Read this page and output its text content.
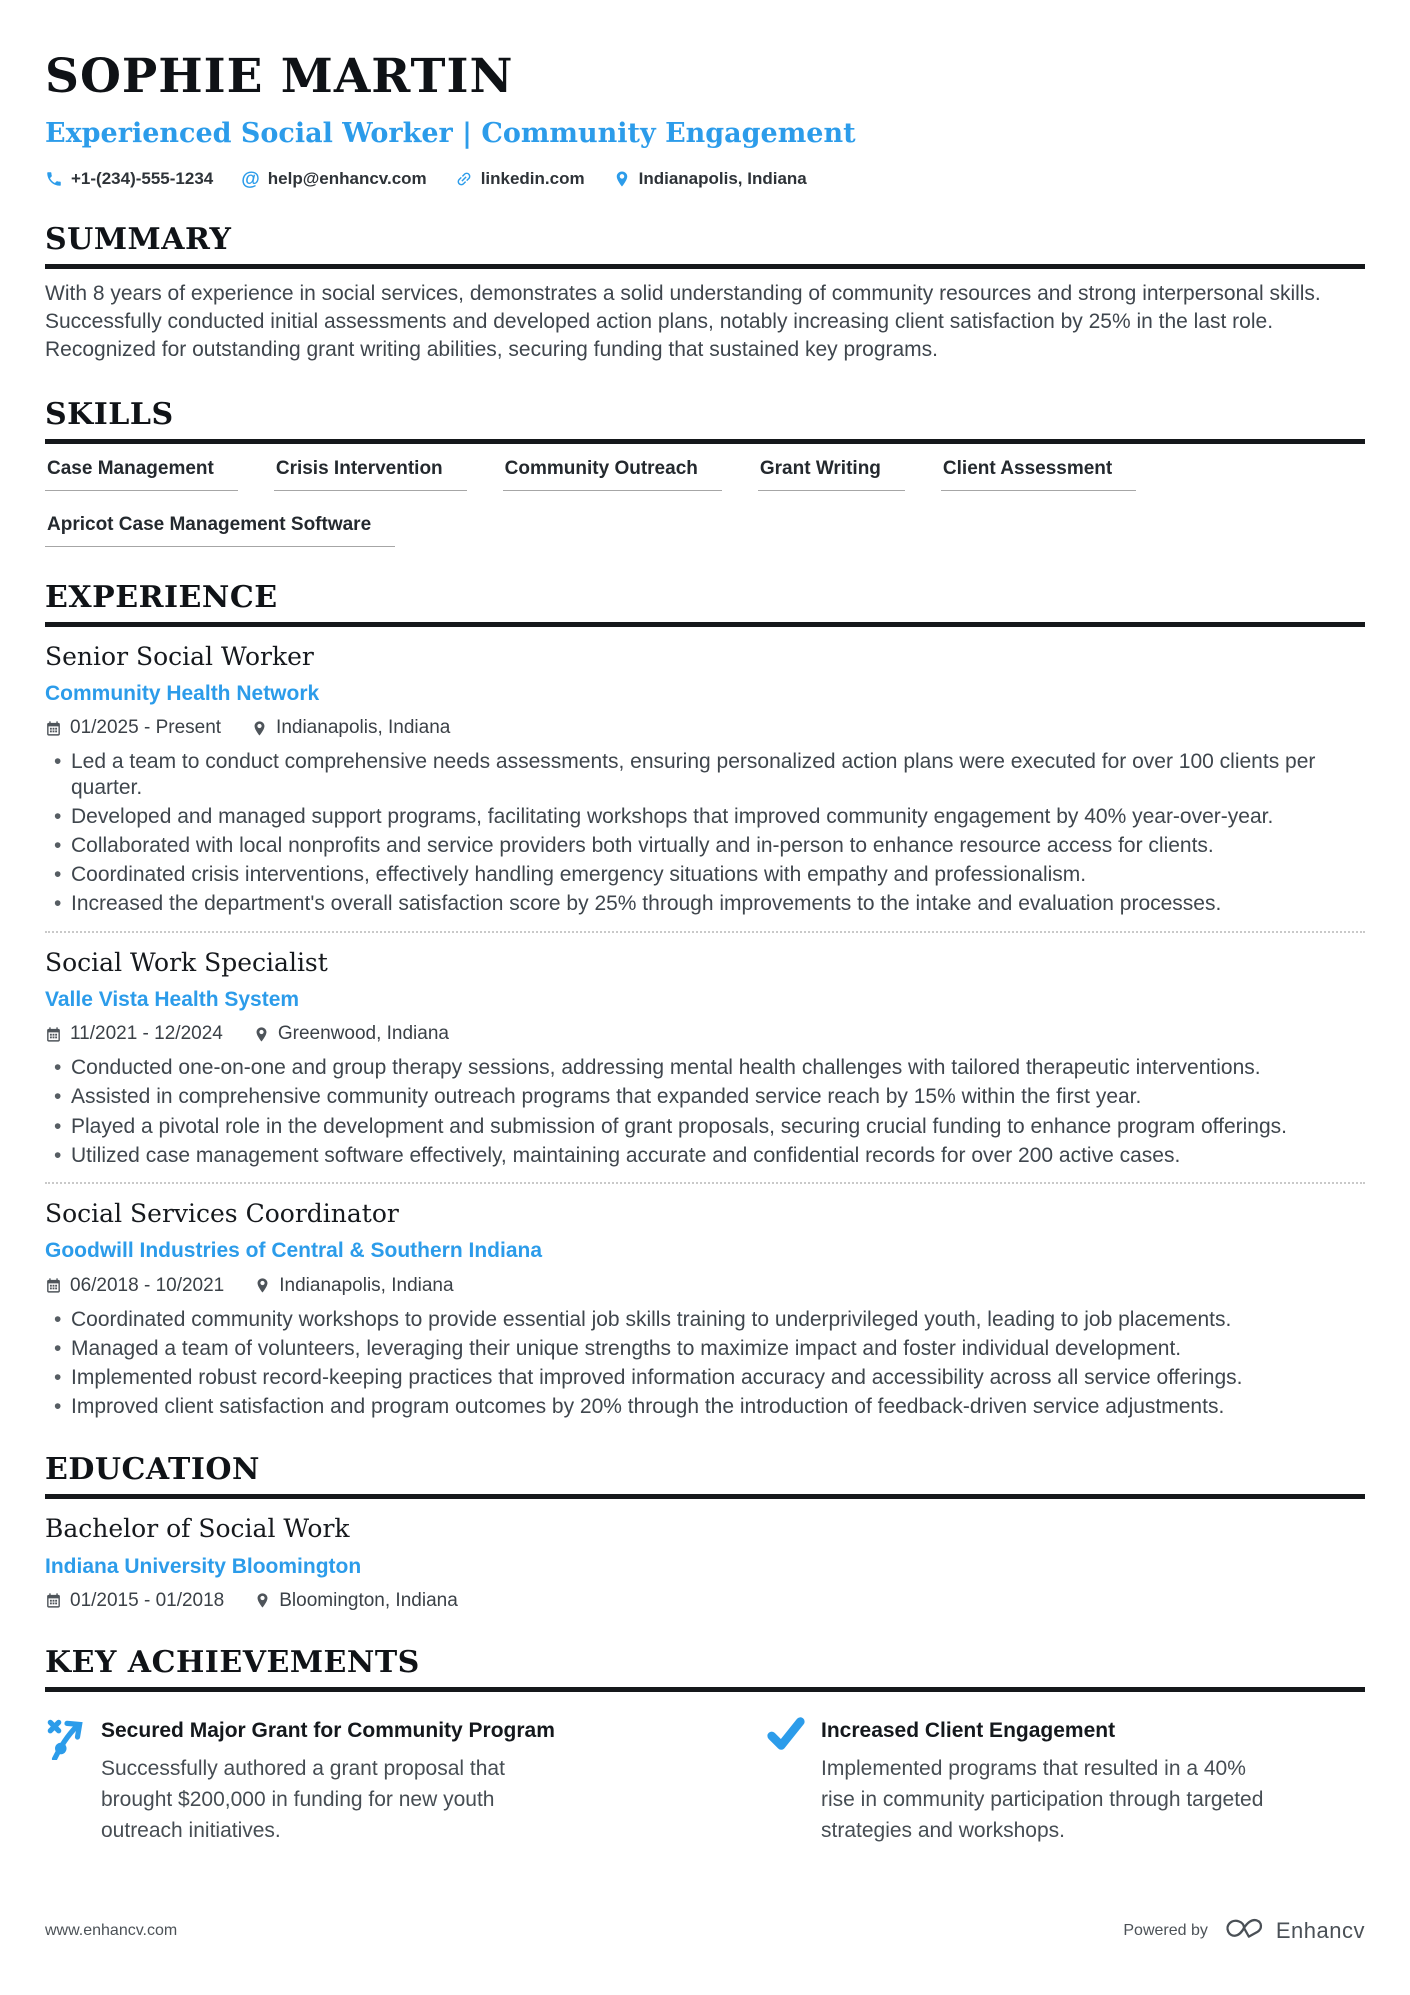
SOPHIE MARTIN
Experienced Social Worker | Community Engagement
+1-(234)-555-1234 @ help@enhancv.com	linkedin.com	Indianapolis, Indiana
SUMMARY

With 8 years of experience in social services, demonstrates a solid understanding of community resources and strong interpersonal skills. Successfully conducted initial assessments and developed action plans, notably increasing client satisfaction by 25% in the last role. Recognized for outstanding grant writing abilities, securing funding that sustained key programs.

SKILLS
Case Management	Crisis Intervention	Community Outreach	Grant Writing	Client Assessment
Apricot Case Management Software
EXPERIENCE
Senior Social Worker
Community Health Network
01/2025 - Present	Indianapolis, Indiana
• Led a team to conduct comprehensive needs assessments, ensuring personalized action plans were executed for over 100 clients per quarter.
• Developed and managed support programs, facilitating workshops that improved community engagement by 40% year-over-year.
• Collaborated with local nonprofits and service providers both virtually and in-person to enhance resource access for clients.
• Coordinated crisis interventions, effectively handling emergency situations with empathy and professionalism.
• Increased the department's overall satisfaction score by 25% through improvements to the intake and evaluation processes.
Social Work Specialist
Valle Vista Health System
11/2021 - 12/2024	Greenwood, Indiana
• Conducted one-on-one and group therapy sessions, addressing mental health challenges with tailored therapeutic interventions.
• Assisted in comprehensive community outreach programs that expanded service reach by 15% within the first year.
• Played a pivotal role in the development and submission of grant proposals, securing crucial funding to enhance program offerings.
• Utilized case management software effectively, maintaining accurate and confidential records for over 200 active cases.
Social Services Coordinator
Goodwill Industries of Central & Southern Indiana
06/2018 - 10/2021	Indianapolis, Indiana
• Coordinated community workshops to provide essential job skills training to underprivileged youth, leading to job placements.
• Managed a team of volunteers, leveraging their unique strengths to maximize impact and foster individual development.
• Implemented robust record-keeping practices that improved information accuracy and accessibility across all service offerings.
• Improved client satisfaction and program outcomes by 20% through the introduction of feedback-driven service adjustments.
EDUCATION
Bachelor of Social Work
Indiana University Bloomington
01/2015 - 01/2018	Bloomington, Indiana
KEY ACHIEVEMENTS
Secured Major Grant for Community Program
Successfully authored a grant proposal that brought $200,000 in funding for new youth outreach initiatives.
Increased Client Engagement
Implemented programs that resulted in a 40% rise in community participation through targeted strategies and workshops.
www.enhancv.com	Powered by	Enhancv
